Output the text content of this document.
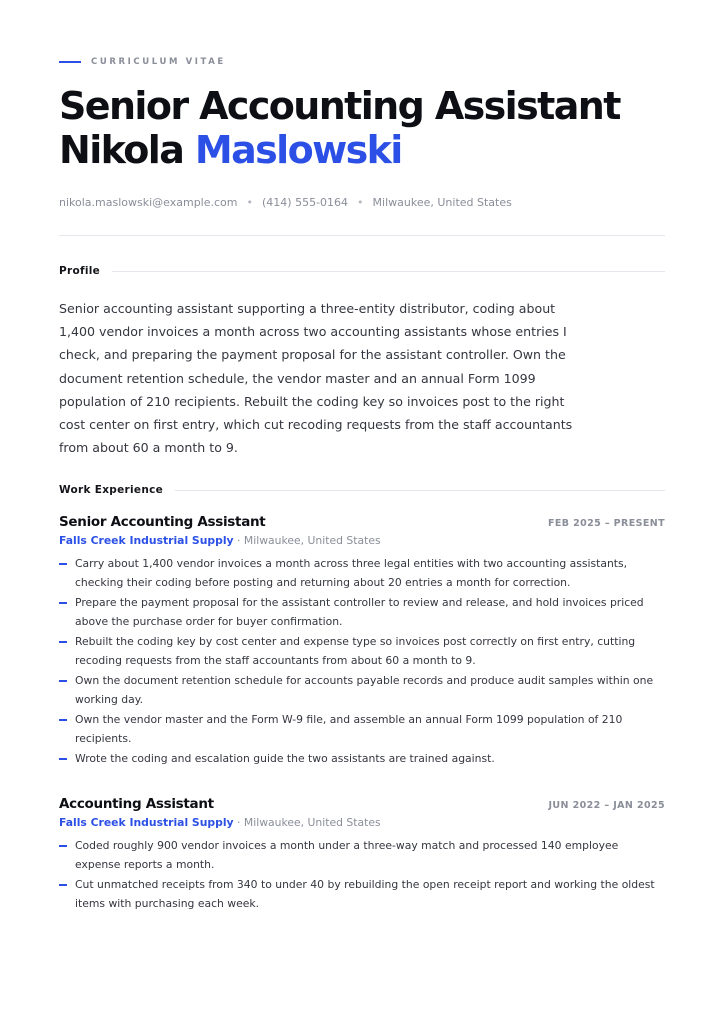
CURRICULUM VITAE
Senior Accounting Assistant Nikola Maslowski
nikola.maslowski@example.com • (414) 555-0164 • Milwaukee, United States
Profile

Senior accounting assistant supporting a three-entity distributor, coding about 1,400 vendor invoices a month across two accounting assistants whose entries I check, and preparing the payment proposal for the assistant controller. Own the document retention schedule, the vendor master and an annual Form 1099 population of 210 recipients. Rebuilt the coding key so invoices post to the right cost center on first entry, which cut recoding requests from the staff accountants from about 60 a month to 9.

Work Experience
Senior Accounting Assistant	FEB 2025 – PRESENT
Falls Creek Industrial Supply · Milwaukee, United States
Carry about 1,400 vendor invoices a month across three legal entities with two accounting assistants, checking their coding before posting and returning about 20 entries a month for correction.
Prepare the payment proposal for the assistant controller to review and release, and hold invoices priced above the purchase order for buyer confirmation.
Rebuilt the coding key by cost center and expense type so invoices post correctly on first entry, cutting recoding requests from the staff accountants from about 60 a month to 9.
Own the document retention schedule for accounts payable records and produce audit samples within one working day.
Own the vendor master and the Form W-9 file, and assemble an annual Form 1099 population of 210 recipients.
Wrote the coding and escalation guide the two assistants are trained against.
Accounting Assistant	JUN 2022 – JAN 2025
Falls Creek Industrial Supply · Milwaukee, United States
Coded roughly 900 vendor invoices a month under a three-way match and processed 140 employee expense reports a month.
Cut unmatched receipts from 340 to under 40 by rebuilding the open receipt report and working the oldest items with purchasing each week.
